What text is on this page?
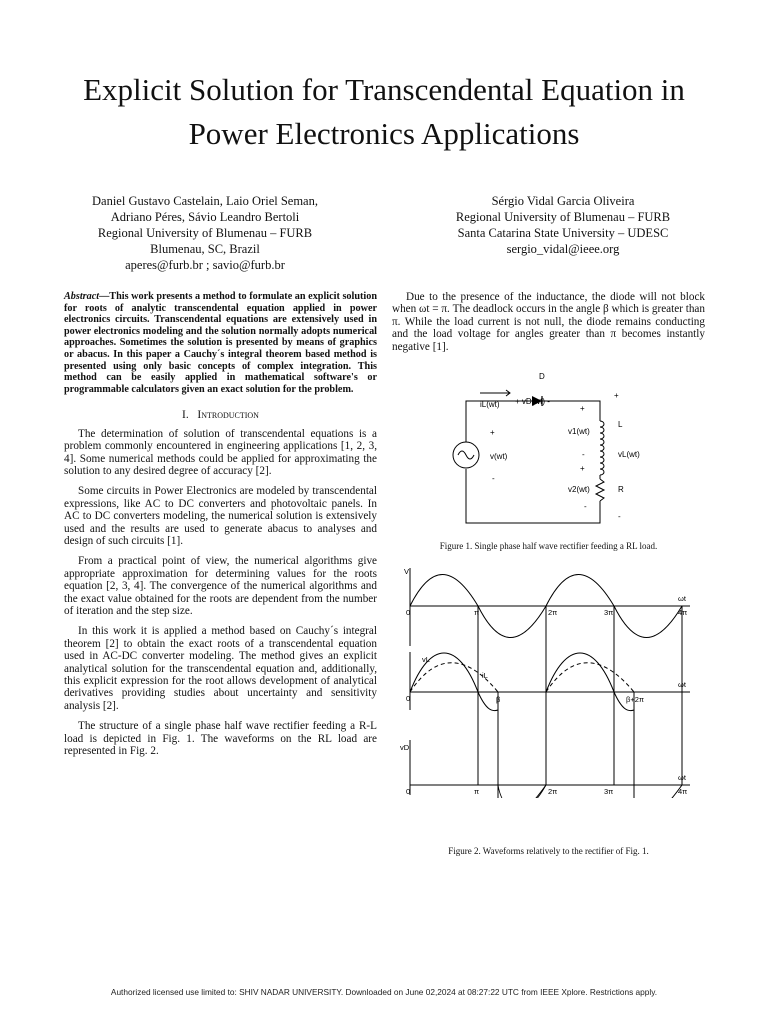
Explicit Solution for Transcendental Equation in
Power Electronics Applications
Daniel Gustavo Castelain, Laio Oriel Seman,
Adriano Péres, Sávio Leandro Bertoli
Regional University of Blumenau – FURB
Blumenau, SC, Brazil
aperes@furb.br ; savio@furb.br
Sérgio Vidal Garcia Oliveira
Regional University of Blumenau – FURB
Santa Catarina State University – UDESC
sergio_vidal@ieee.org

Abstract—This work presents a method to formulate an explicit solution for roots of analytic transcendental equation applied in power electronics circuits. Transcendental equations are extensively used in power electronics modeling and the solution normally adopts numerical approaches. Sometimes the solution is presented by means of graphics or abacus. In this paper a Cauchy´s integral theorem based method is presented using only basic concepts of complex integration. This method can be easily applied in mathematical software's or programmable calculators given an exact solution for the problem.

I. Introduction

The determination of solution of transcendental equations is a problem commonly encountered in engineering applications [1, 2, 3, 4]. Some numerical methods could be applied for approximating the solution to any desired degree of accuracy [2].

Some circuits in Power Electronics are modeled by transcendental expressions, like AC to DC converters and photovoltaic panels. In AC to DC converters modeling, the numerical solution is extensively used and the results are used to generate abacus to analyses and design of such circuits [1].

From a practical point of view, the numerical algorithms give appropriate approximation for determining values for the roots equation [2, 3, 4]. The convergence of the numerical algorithms and the exact value obtained for the roots are dependent from the number of iteration and the step size.

In this work it is applied a method based on Cauchy´s integral theorem [2] to obtain the exact roots of a transcendental equation used in AC-DC converter modeling. The method gives an explicit analytical solution for the transcendental equation and, additionally, this explicit expression for the root allows development of analytical derivatives providing studies about uncertainty and sensitivity analysis [2].

The structure of a single phase half wave rectifier feeding a R-L load is depicted in Fig. 1. The waveforms on the RL load are represented in Fig. 2.

Due to the presence of the inductance, the diode will not block when ωt = π. The deadlock occurs in the angle β which is greater than π. While the load current is not null, the diode remains conducting and the load voltage for angles greater than π becomes instantly negative [1].

D
iL(wt) + vD(wt) -
+
+
+	v1(wt)
L
-
v(wt)	vL(wt)
+
-
v2(wt)	R
-
-
Figure 1. Single phase half wave rectifier feeding a RL load.
V
0	π	2π	3π	4π
ωt
vL
iL
0	β	β+2π
ωt
vD
0	π	2π	3π	4π
ωt
Figure 2. Waveforms relatively to the rectifier of Fig. 1.
Authorized licensed use limited to: SHIV NADAR UNIVERSITY. Downloaded on June 02,2024 at 08:27:22 UTC from IEEE Xplore. Restrictions apply.
